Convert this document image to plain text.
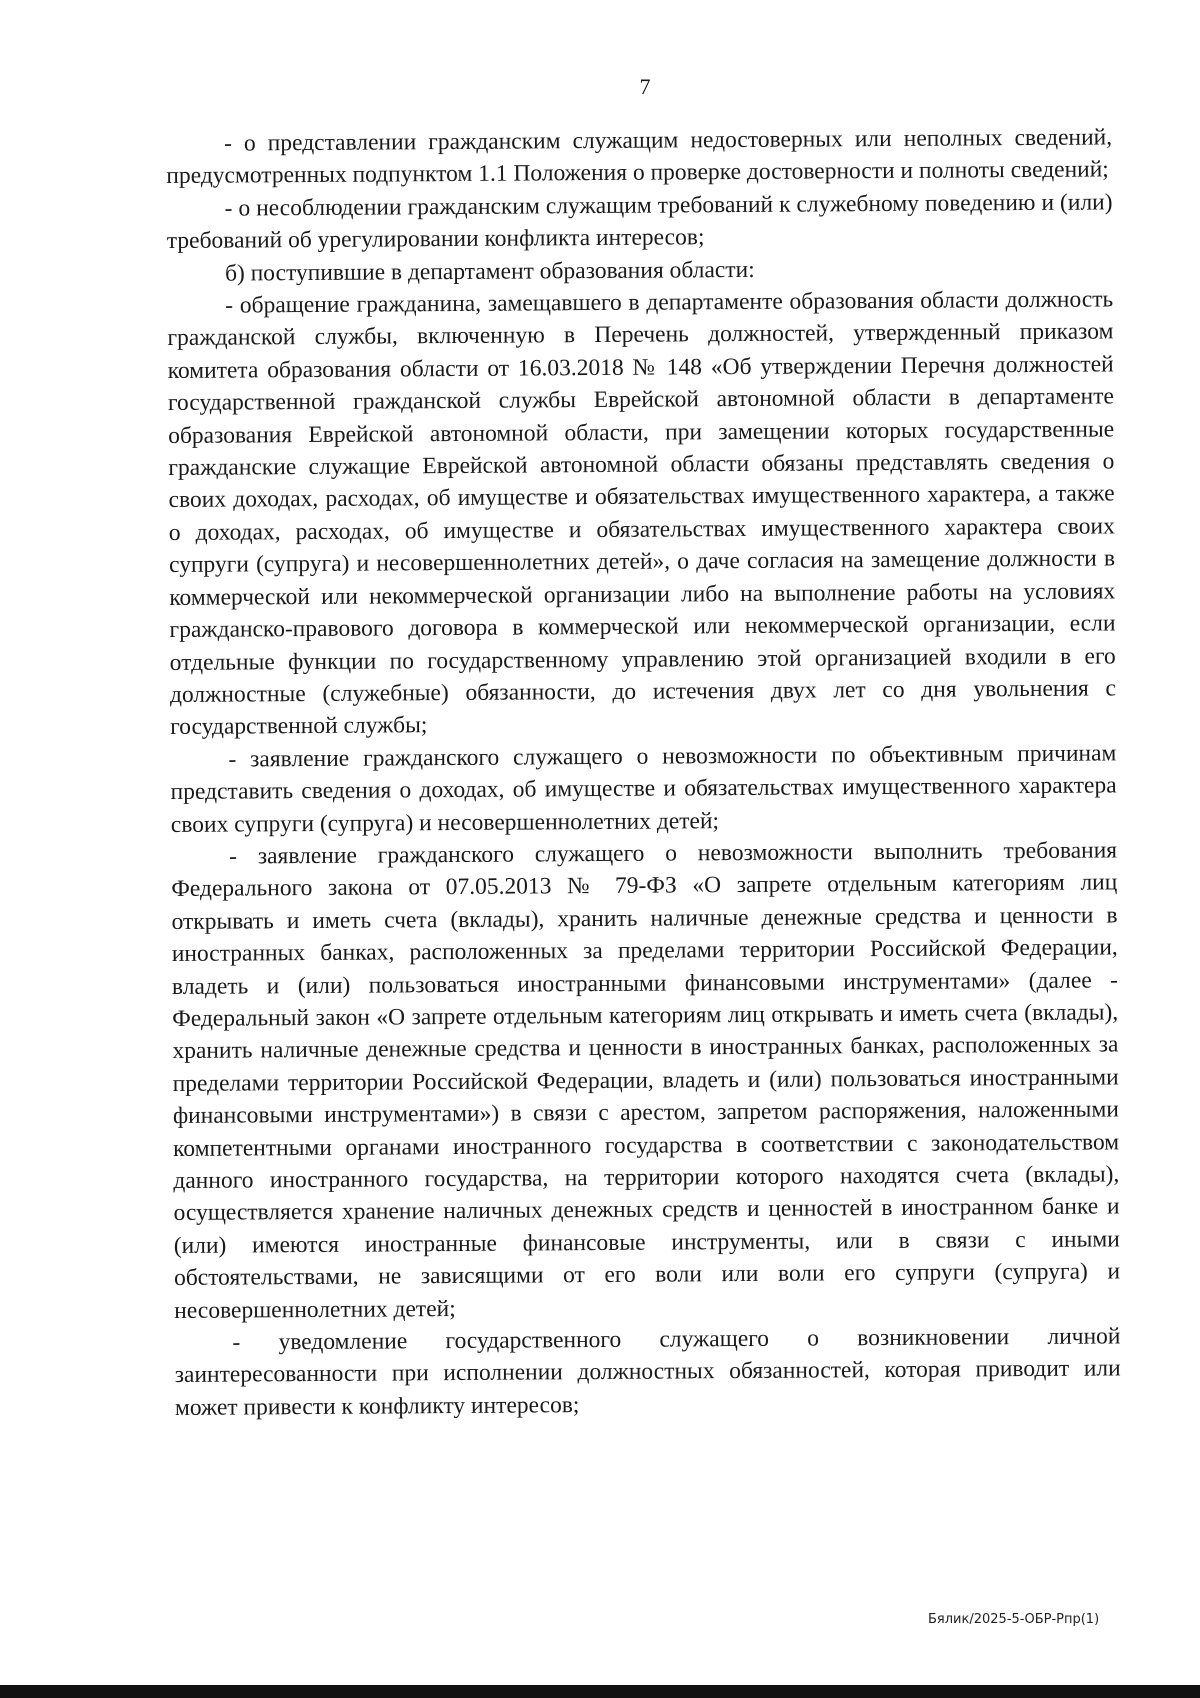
7

- о представлении гражданским служащим недостоверных или неполных сведений, предусмотренных подпунктом 1.1 Положения о проверке достоверности и полноты сведений;

- о несоблюдении гражданским служащим требований к служебному поведению и (или) требований об урегулировании конфликта интересов;

б) поступившие в департамент образования области:

- обращение гражданина, замещавшего в департаменте образования области должность гражданской службы, включенную в Перечень должностей, утвержденный приказом комитета образования области от 16.03.2018 № 148 «Об утверждении Перечня должностей государственной гражданской службы Еврейской автономной области в департаменте образования Еврейской автономной области, при замещении которых государственные гражданские служащие Еврейской автономной области обязаны представлять сведения о своих доходах, расходах, об имуществе и обязательствах имущественного характера, а также о доходах, расходах, об имуществе и обязательствах имущественного характера своих супруги (супруга) и несовершеннолетних детей», о даче согласия на замещение должности в коммерческой или некоммерческой организации либо на выполнение работы на условиях гражданско-правового договора в коммерческой или некоммерческой организации, если отдельные функции по государственному управлению этой организацией входили в его должностные (служебные) обязанности, до истечения двух лет со дня увольнения с государственной службы;

- заявление гражданского служащего о невозможности по объективным причинам представить сведения о доходах, об имуществе и обязательствах имущественного характера своих супруги (супруга) и несовершеннолетних детей;

- заявление гражданского служащего о невозможности выполнить требования Федерального закона от 07.05.2013 № 79-ФЗ «О запрете отдельным категориям лиц открывать и иметь счета (вклады), хранить наличные денежные средства и ценности в иностранных банках, расположенных за пределами территории Российской Федерации, владеть и (или) пользоваться иностранными финансовыми инструментами» (далее - Федеральный закон «О запрете отдельным категориям лиц открывать и иметь счета (вклады), хранить наличные денежные средства и ценности в иностранных банках, расположенных за пределами территории Российской Федерации, владеть и (или) пользоваться иностранными финансовыми инструментами») в связи с арестом, запретом распоряжения, наложенными компетентными органами иностранного государства в соответствии с законодательством данного иностранного государства, на территории которого находятся счета (вклады), осуществляется хранение наличных денежных средств и ценностей в иностранном банке и (или) имеются иностранные финансовые инструменты, или в связи с иными обстоятельствами, не зависящими от его воли или воли его супруги (супруга) и несовершеннолетних детей;

- уведомление государственного служащего о возникновении личной заинтересованности при исполнении должностных обязанностей, которая приводит или может привести к конфликту интересов;

Бялик/2025-5-ОБР-Рпр(1)
